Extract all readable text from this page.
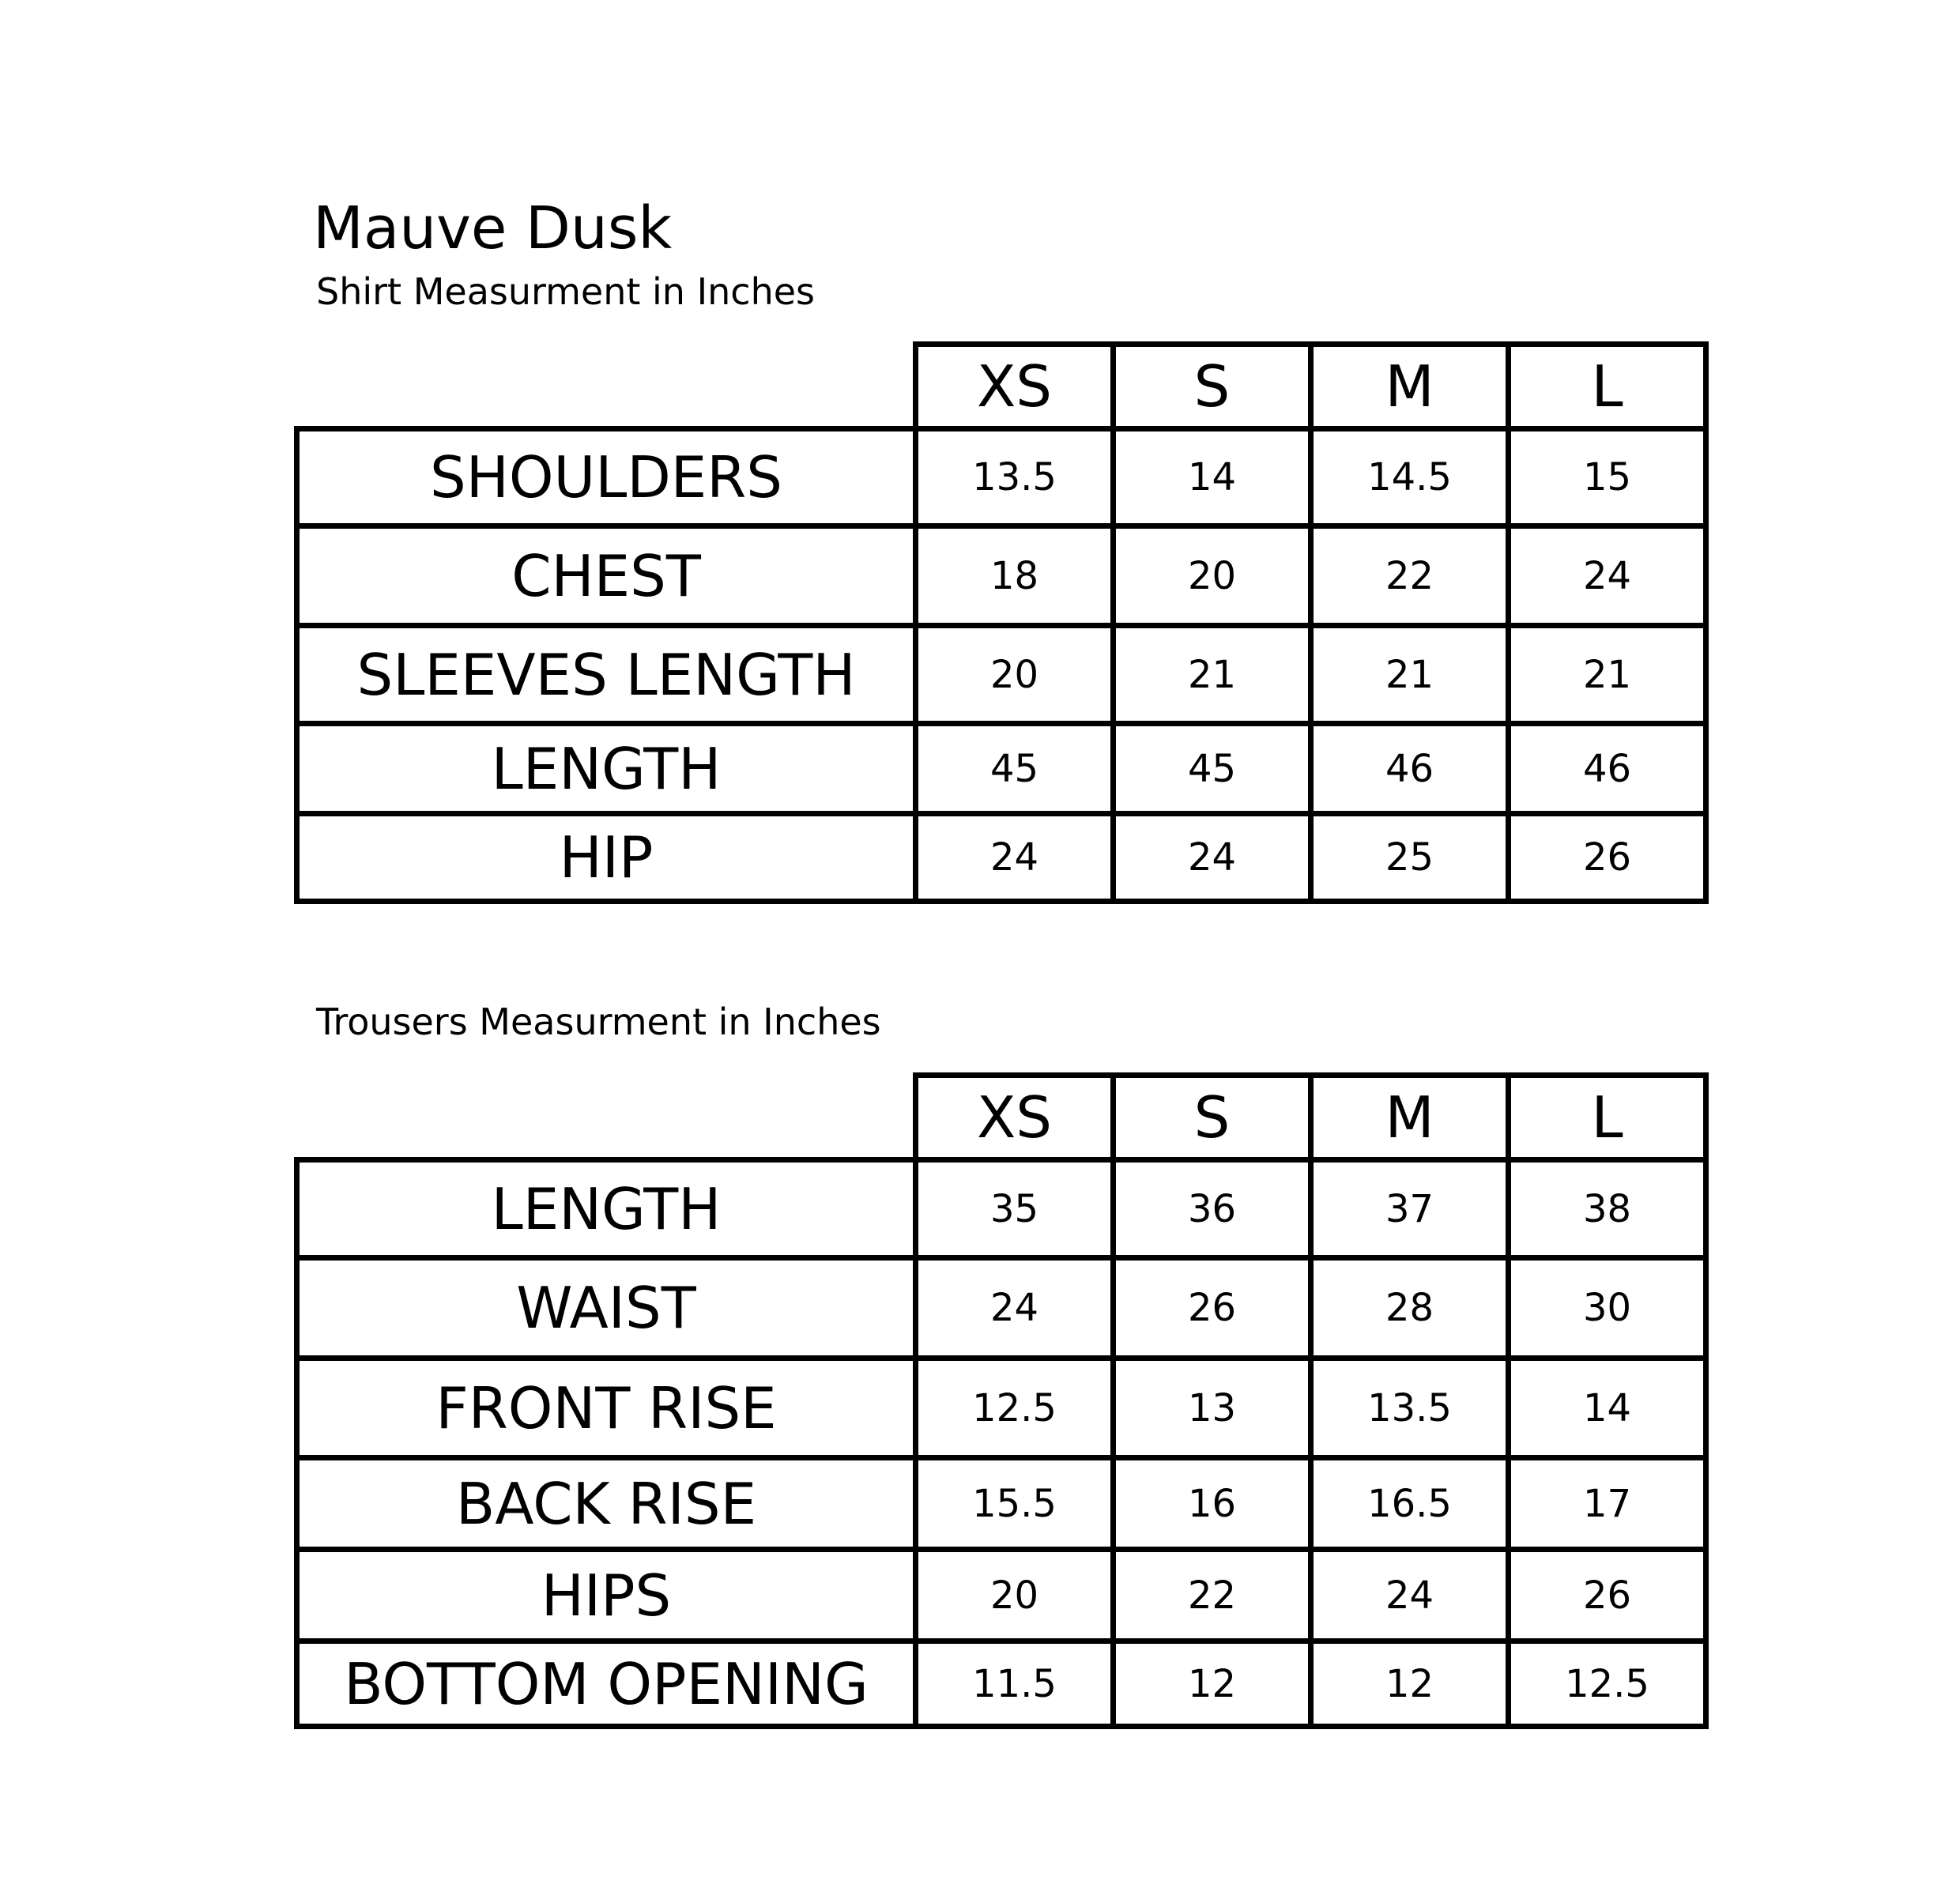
Mauve Dusk
Shirt Measurment in Inches
XS	S	M	L
SHOULDERS	13.5	14	14.5	15
CHEST	18	20	22	24
SLEEVES LENGTH	20	21	21	21
LENGTH	45	45	46	46
HIP	24	24	25	26
Trousers Measurment in Inches
XS	S	M	L
LENGTH	35	36	37	38
WAIST	24	26	28	30
FRONT RISE	12.5	13	13.5	14
BACK RISE	15.5	16	16.5	17
HIPS	20	22	24	26
BOTTOM OPENING	11.5	12	12	12.5
